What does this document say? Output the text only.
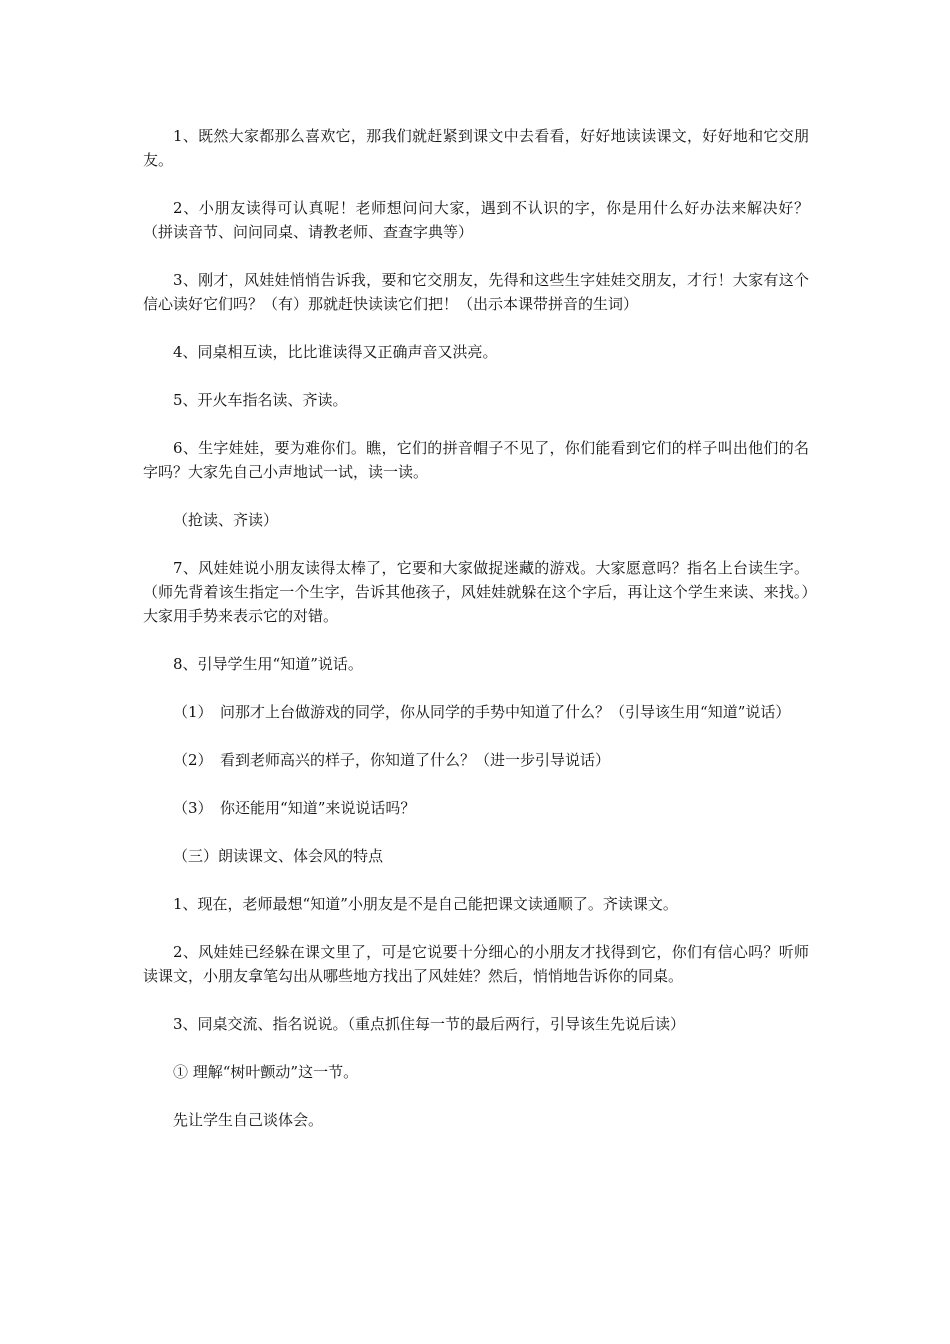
1、既然大家都那么喜欢它，那我们就赶紧到课文中去看看，好好地读读课文，好好地和它交朋友。

2、小朋友读得可认真呢！老师想问问大家，遇到不认识的字，你是用什么好办法来解决好？（拼读音节、问问同桌、请教老师、查查字典等）

3、刚才，风娃娃悄悄告诉我，要和它交朋友，先得和这些生字娃娃交朋友，才行！大家有这个信心读好它们吗？（有）那就赶快读读它们把！（出示本课带拼音的生词）

4、同桌相互读，比比谁读得又正确声音又洪亮。

5、开火车指名读、齐读。

6、生字娃娃，要为难你们。瞧，它们的拼音帽子不见了，你们能看到它们的样子叫出他们的名字吗？大家先自己小声地试一试，读一读。

（抢读、齐读）

7、风娃娃说小朋友读得太棒了，它要和大家做捉迷藏的游戏。大家愿意吗？指名上台读生字。（师先背着该生指定一个生字，告诉其他孩子，风娃娃就躲在这个字后，再让这个学生来读、来找。）大家用手势来表示它的对错。

8、引导学生用“知道”说话。

（1）　问那才上台做游戏的同学，你从同学的手势中知道了什么？（引导该生用“知道”说话）

（2）　看到老师高兴的样子，你知道了什么？（进一步引导说话）

（3）　你还能用“知道”来说说话吗？

（三）朗读课文、体会风的特点

1、现在，老师最想“知道”小朋友是不是自己能把课文读通顺了。齐读课文。

2、风娃娃已经躲在课文里了，可是它说要十分细心的小朋友才找得到它，你们有信心吗？听师读课文，小朋友拿笔勾出从哪些地方找出了风娃娃？然后，悄悄地告诉你的同桌。

3、同桌交流、指名说说。（重点抓住每一节的最后两行，引导该生先说后读）

① 理解“树叶颤动”这一节。

先让学生自己谈体会。
